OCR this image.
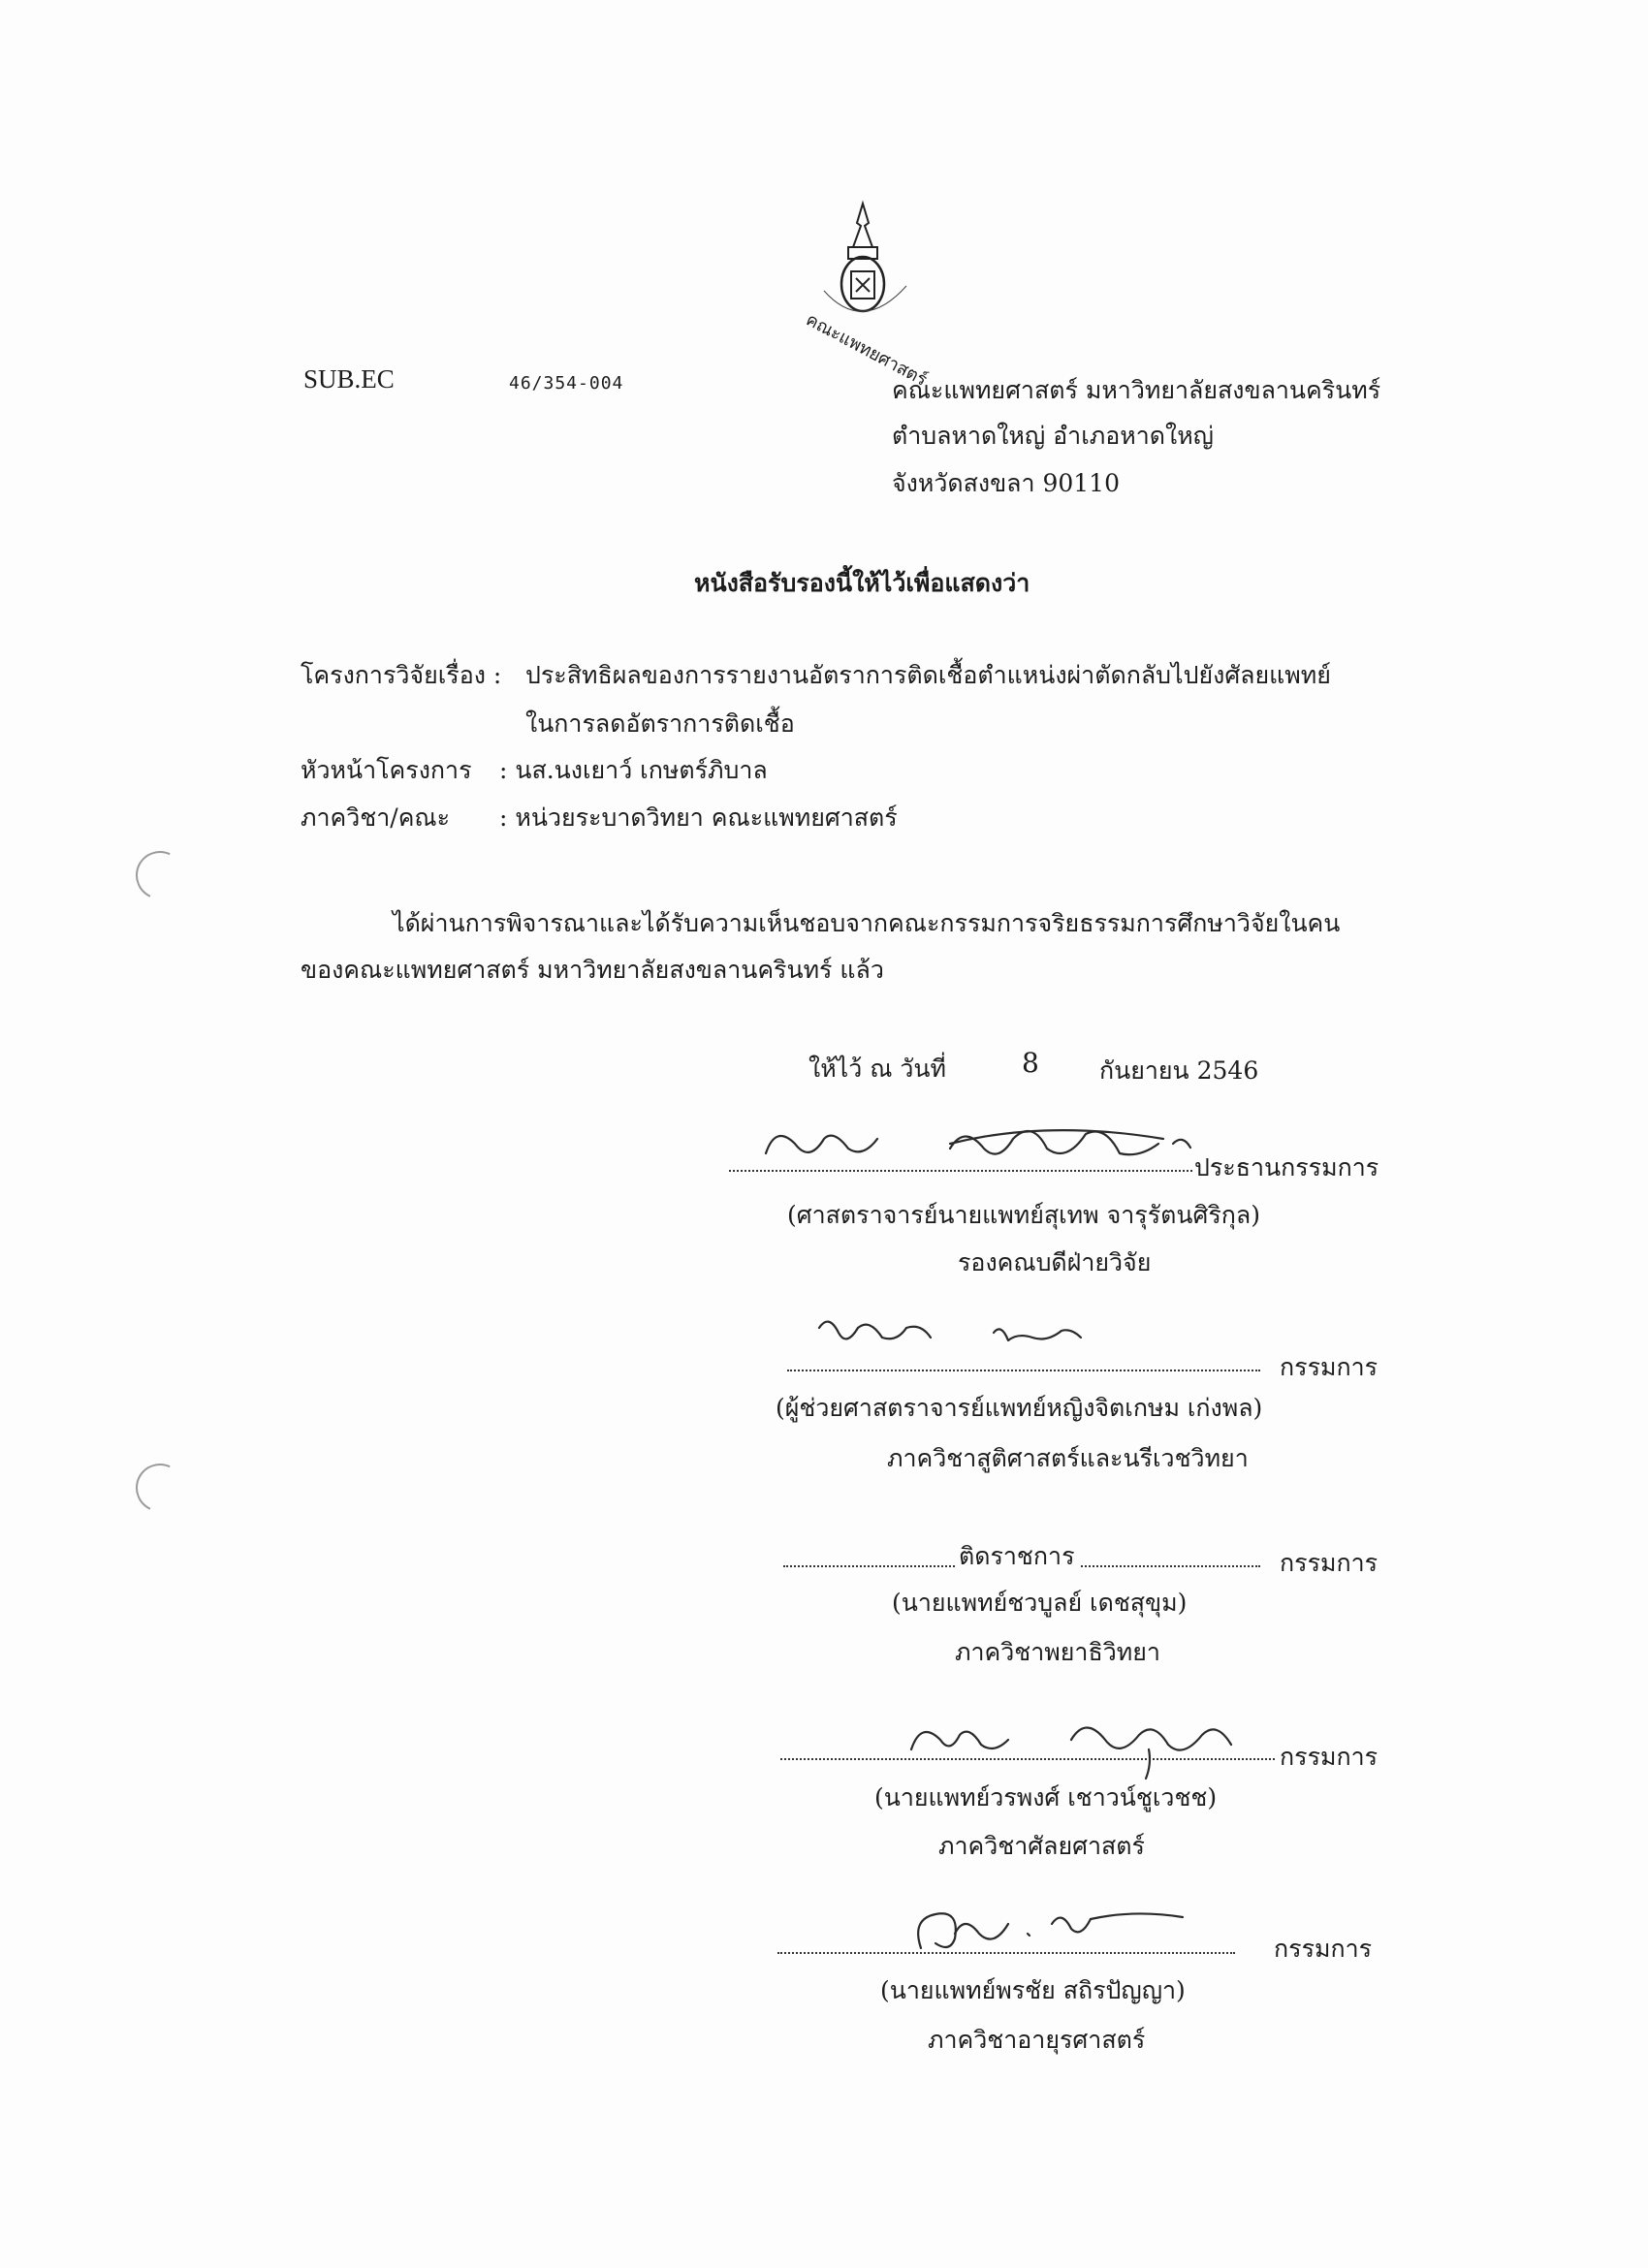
คณะแพทยศาสตร์
SUB.EC	46/354-004	คณะแพทยศาสตร์ มหาวิทยาลัยสงขลานครินทร์
ตำบลหาดใหญ่ อำเภอหาดใหญ่
จังหวัดสงขลา 90110
หนังสือรับรองนี้ให้ไว้เพื่อแสดงว่า
โครงการวิจัยเรื่อง : ประสิทธิผลของการรายงานอัตราการติดเชื้อตำแหน่งผ่าตัดกลับไปยังศัลยแพทย์
ในการลดอัตราการติดเชื้อ
หัวหน้าโครงการ : นส.นงเยาว์ เกษตร์ภิบาล
ภาควิชา/คณะ : หน่วยระบาดวิทยา คณะแพทยศาสตร์
ได้ผ่านการพิจารณาและได้รับความเห็นชอบจากคณะกรรมการจริยธรรมการศึกษาวิจัยในคน
ของคณะแพทยศาสตร์ มหาวิทยาลัยสงขลานครินทร์ แล้ว
ให้ไว้ ณ วันที่	8 กันยายน 2546
ประธานกรรมการ
(ศาสตราจารย์นายแพทย์สุเทพ จารุรัตนศิริกุล)
รองคณบดีฝ่ายวิจัย
กรรมการ
(ผู้ช่วยศาสตราจารย์แพทย์หญิงจิตเกษม เก่งพล)
ภาควิชาสูติศาสตร์และนรีเวชวิทยา
ติดราชการ	กรรมการ
(นายแพทย์ชวบูลย์ เดชสุขุม)
ภาควิชาพยาธิวิทยา
กรรมการ
(นายแพทย์วรพงศ์ เชาวน์ชูเวชช)
ภาควิชาศัลยศาสตร์
กรรมการ
(นายแพทย์พรชัย สถิรปัญญา)
ภาควิชาอายุรศาสตร์
